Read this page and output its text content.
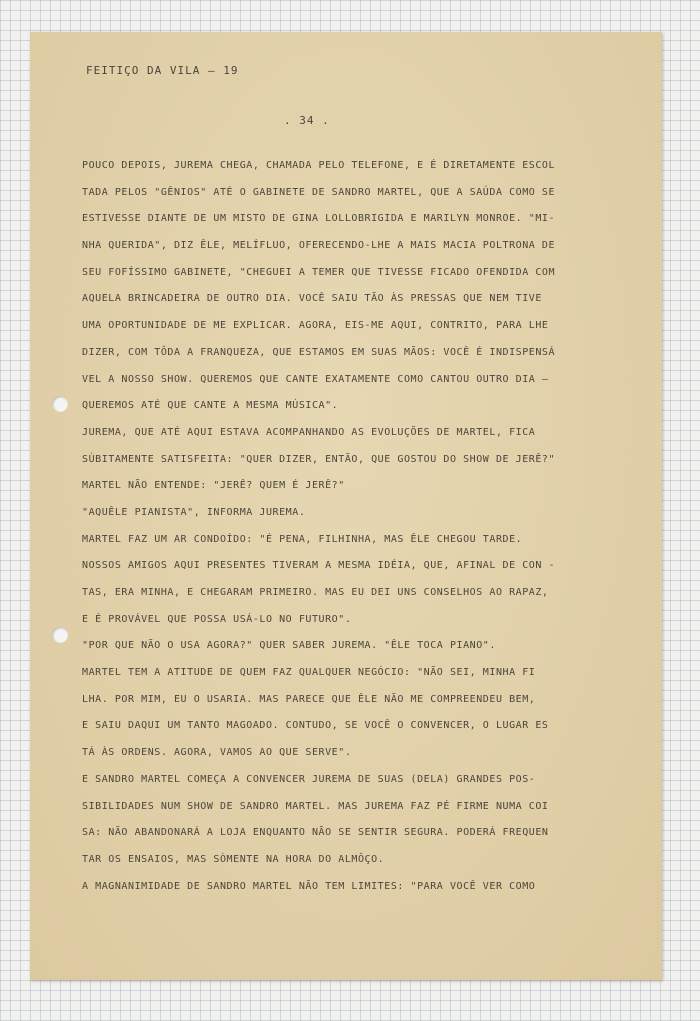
FEITIÇO DA VILA — 19
. 34 .
POUCO DEPOIS, JUREMA CHEGA, CHAMADA PELO TELEFONE, E É DIRETAMENTE ESCOL
TADA PELOS "GÊNIOS" ATÉ O GABINETE DE SANDRO MARTEL, QUE A SAÚDA COMO SE
ESTIVESSE DIANTE DE UM MISTO DE GINA LOLLOBRIGIDA E MARILYN MONROE. "MI-
NHA QUERIDA", DIZ ÊLE, MELÍFLUO, OFERECENDO-LHE A MAIS MACIA POLTRONA DE
SEU FOFÍSSIMO GABINETE, "CHEGUEI A TEMER QUE TIVESSE FICADO OFENDIDA COM
AQUELA BRINCADEIRA DE OUTRO DIA. VOCÊ SAIU TÃO ÀS PRESSAS QUE NEM TIVE
UMA OPORTUNIDADE DE ME EXPLICAR. AGORA, EIS-ME AQUI, CONTRITO, PARA LHE
DIZER, COM TÔDA A FRANQUEZA, QUE ESTAMOS EM SUAS MÃOS: VOCÊ É INDISPENSÁ
VEL A NOSSO SHOW. QUEREMOS QUE CANTE EXATAMENTE COMO CANTOU OUTRO DIA —
QUEREMOS ATÉ QUE CANTE A MESMA MÚSICA".
JUREMA, QUE ATÉ AQUI ESTAVA ACOMPANHANDO AS EVOLUÇÕES DE MARTEL, FICA
SÙBITAMENTE SATISFEITA: "QUER DIZER, ENTÃO, QUE GOSTOU DO SHOW DE JERÊ?"
MARTEL NÃO ENTENDE: "JERÊ? QUEM É JERÊ?"
"AQUÊLE PIANISTA", INFORMA JUREMA.
MARTEL FAZ UM AR CONDOÍDO: "É PENA, FILHINHA, MAS ÊLE CHEGOU TARDE.
NOSSOS AMIGOS AQUI PRESENTES TIVERAM A MESMA IDÉIA, QUE, AFINAL DE CON -
TAS, ERA MINHA, E CHEGARAM PRIMEIRO. MAS EU DEI UNS CONSELHOS AO RAPAZ,
E É PROVÁVEL QUE POSSA USÁ-LO NO FUTURO".
"POR QUE NÃO O USA AGORA?" QUER SABER JUREMA. "ÊLE TOCA PIANO".
MARTEL TEM A ATITUDE DE QUEM FAZ QUALQUER NEGÓCIO: "NÃO SEI, MINHA FI
LHA. POR MIM, EU O USARIA. MAS PARECE QUE ÊLE NÃO ME COMPREENDEU BEM,
E SAIU DAQUI UM TANTO MAGOADO. CONTUDO, SE VOCÊ O CONVENCER, O LUGAR ES
TÁ ÀS ORDENS. AGORA, VAMOS AO QUE SERVE".
E SANDRO MARTEL COMEÇA A CONVENCER JUREMA DE SUAS (DELA) GRANDES POS-
SIBILIDADES NUM SHOW DE SANDRO MARTEL. MAS JUREMA FAZ PÉ FIRME NUMA COI
SA: NÃO ABANDONARÁ A LOJA ENQUANTO NÃO SE SENTIR SEGURA. PODERÁ FREQUEN
TAR OS ENSAIOS, MAS SÒMENTE NA HORA DO ALMÔÇO.
A MAGNANIMIDADE DE SANDRO MARTEL NÃO TEM LIMITES: "PARA VOCÊ VER COMO
